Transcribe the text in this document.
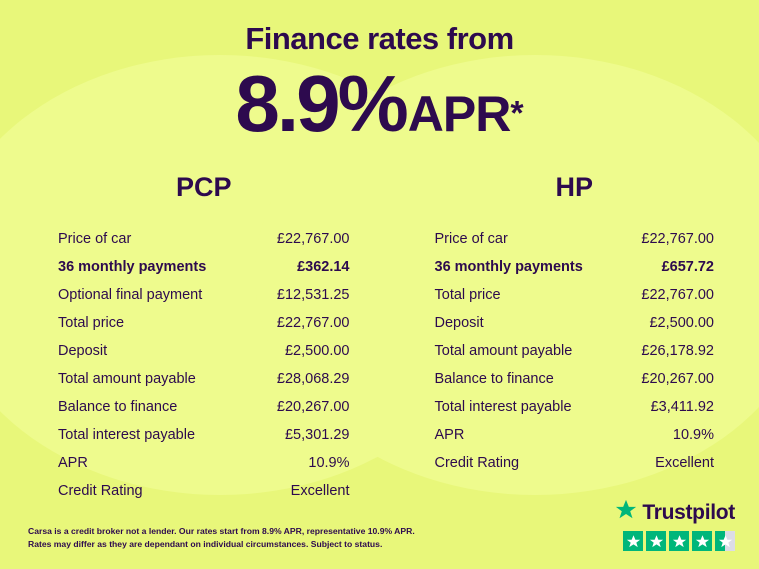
Finance rates from
8.9%APR*
PCP
Price of car	£22,767.00
36 monthly payments	£362.14
Optional final payment	£12,531.25
Total price	£22,767.00
Deposit	£2,500.00
Total amount payable	£28,068.29
Balance to finance	£20,267.00
Total interest payable	£5,301.29
APR	10.9%
Credit Rating	Excellent
HP
Price of car	£22,767.00
36 monthly payments	£657.72
Total price	£22,767.00
Deposit	£2,500.00
Total amount payable	£26,178.92
Balance to finance	£20,267.00
Total interest payable	£3,411.92
APR	10.9%
Credit Rating	Excellent
Carsa is a credit broker not a lender. Our rates start from 8.9% APR, representative 10.9% APR.
Rates may differ as they are dependant on individual circumstances. Subject to status.
Trustpilot
